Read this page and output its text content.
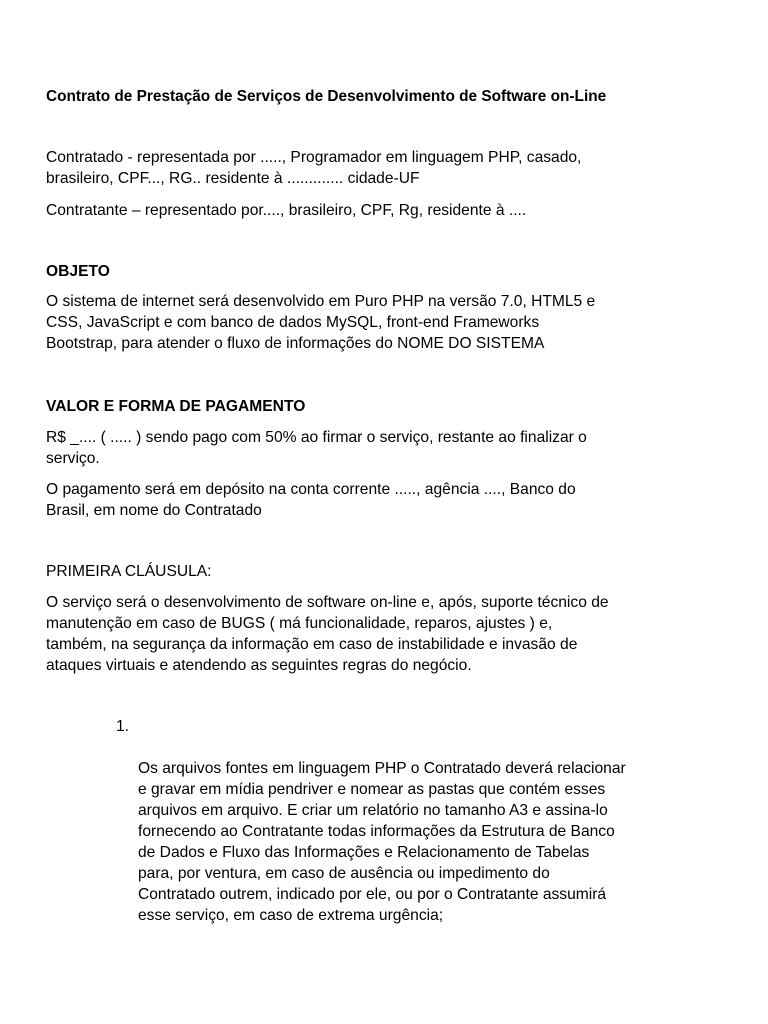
Contrato de Prestação de Serviços de Desenvolvimento de Software on-Line
Contratado - representada por ....., Programador em linguagem PHP, casado,
brasileiro, CPF..., RG.. residente à ............. cidade-UF
Contratante – representado por...., brasileiro, CPF, Rg, residente à ....
OBJETO
O sistema de internet será desenvolvido em Puro PHP na versão 7.0, HTML5 e
CSS, JavaScript e com banco de dados MySQL, front-end Frameworks
Bootstrap, para atender o fluxo de informações do NOME DO SISTEMA
VALOR E FORMA DE PAGAMENTO
R$ _.... ( ..... ) sendo pago com 50% ao firmar o serviço, restante ao finalizar o
serviço.
O pagamento será em depósito na conta corrente ....., agência ...., Banco do
Brasil, em nome do Contratado
PRIMEIRA CLÁUSULA:
O serviço será o desenvolvimento de software on-line e, após, suporte técnico de
manutenção em caso de BUGS ( má funcionalidade, reparos, ajustes ) e,
também, na segurança da informação em caso de instabilidade e invasão de
ataques virtuais e atendendo as seguintes regras do negócio.

1.

Os arquivos fontes em linguagem PHP o Contratado deverá relacionar
e gravar em mídia pendriver e nomear as pastas que contém esses
arquivos em arquivo. E criar um relatório no tamanho A3 e assina-lo
fornecendo ao Contratante todas informações da Estrutura de Banco
de Dados e Fluxo das Informações e Relacionamento de Tabelas
para, por ventura, em caso de ausência ou impedimento do
Contratado outrem, indicado por ele, ou por o Contratante assumirá
esse serviço, em caso de extrema urgência;
